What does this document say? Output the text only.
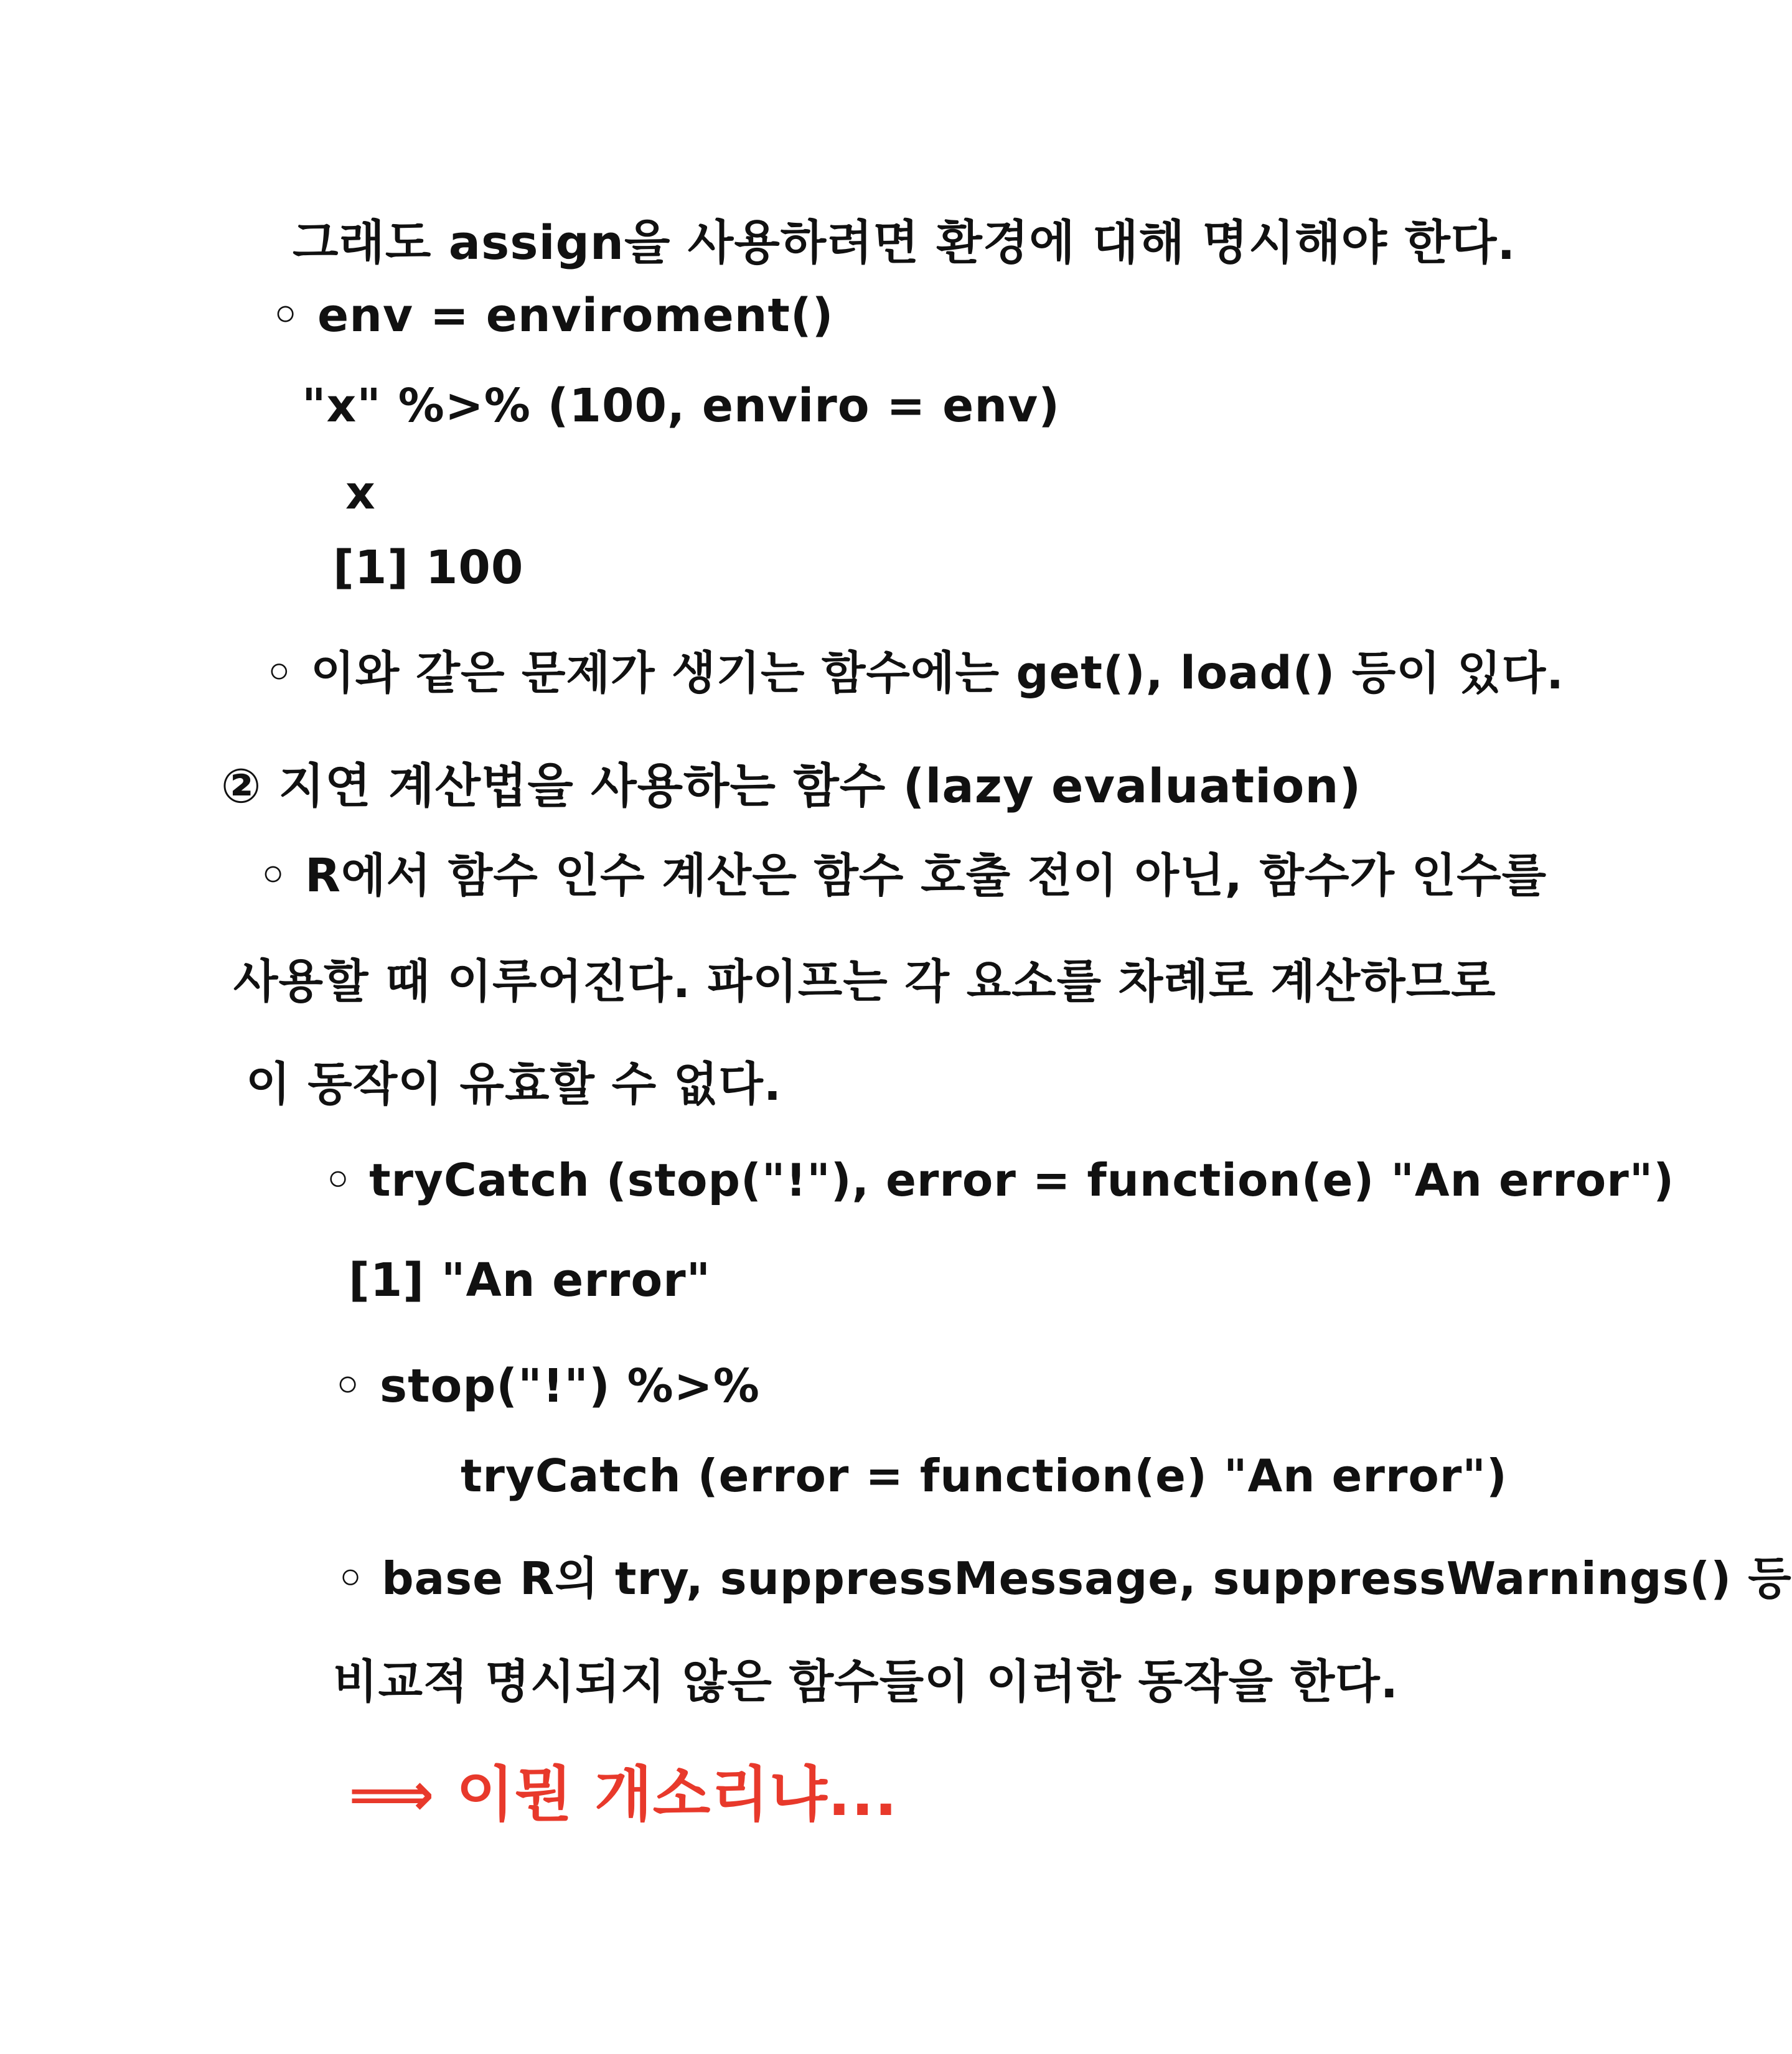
그래도 assign을 사용하려면 환경에 대해 명시해야 한다.
◦ env = enviroment()
"x" %>% (100, enviro = env)
x
[1] 100
◦ 이와 같은 문제가 생기는 함수에는 get(), load() 등이 있다.
② 지연 계산법을 사용하는 함수 (lazy evaluation)
◦ R에서 함수 인수 계산은 함수 호출 전이 아닌, 함수가 인수를
사용할 때 이루어진다. 파이프는 각 요소를 차례로 계산하므로
이 동작이 유효할 수 없다.
◦ tryCatch (stop("!"), error = function(e) "An error")
[1] "An error"
◦ stop("!") %>%
tryCatch (error = function(e) "An error")
◦ base R의 try, suppressMessage, suppressWarnings() 등
비교적 명시되지 않은 함수들이 이러한 동작을 한다.
⟹ 이뭔 개소리냐...
